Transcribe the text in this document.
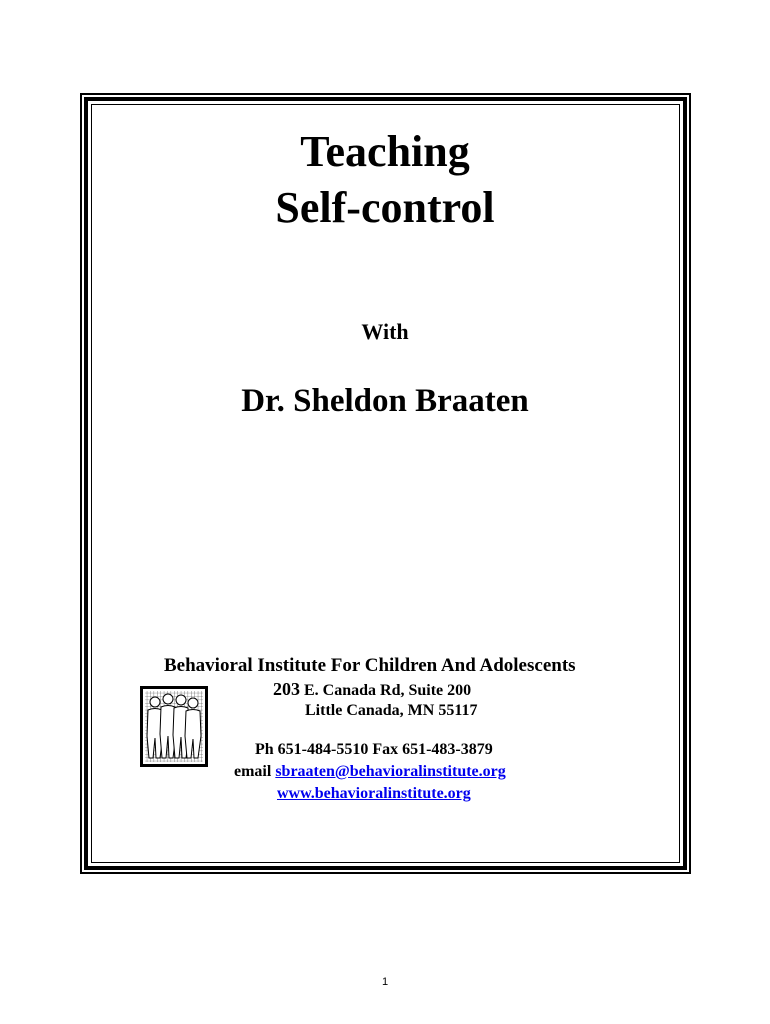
Teaching
Self-control
With
Dr. Sheldon Braaten
Behavioral Institute For Children And Adolescents
203 E. Canada Rd, Suite 200
Little Canada, MN 55117
Ph 651-484-5510 Fax 651-483-3879
email sbraaten@behavioralinstitute.org
www.behavioralinstitute.org
1
